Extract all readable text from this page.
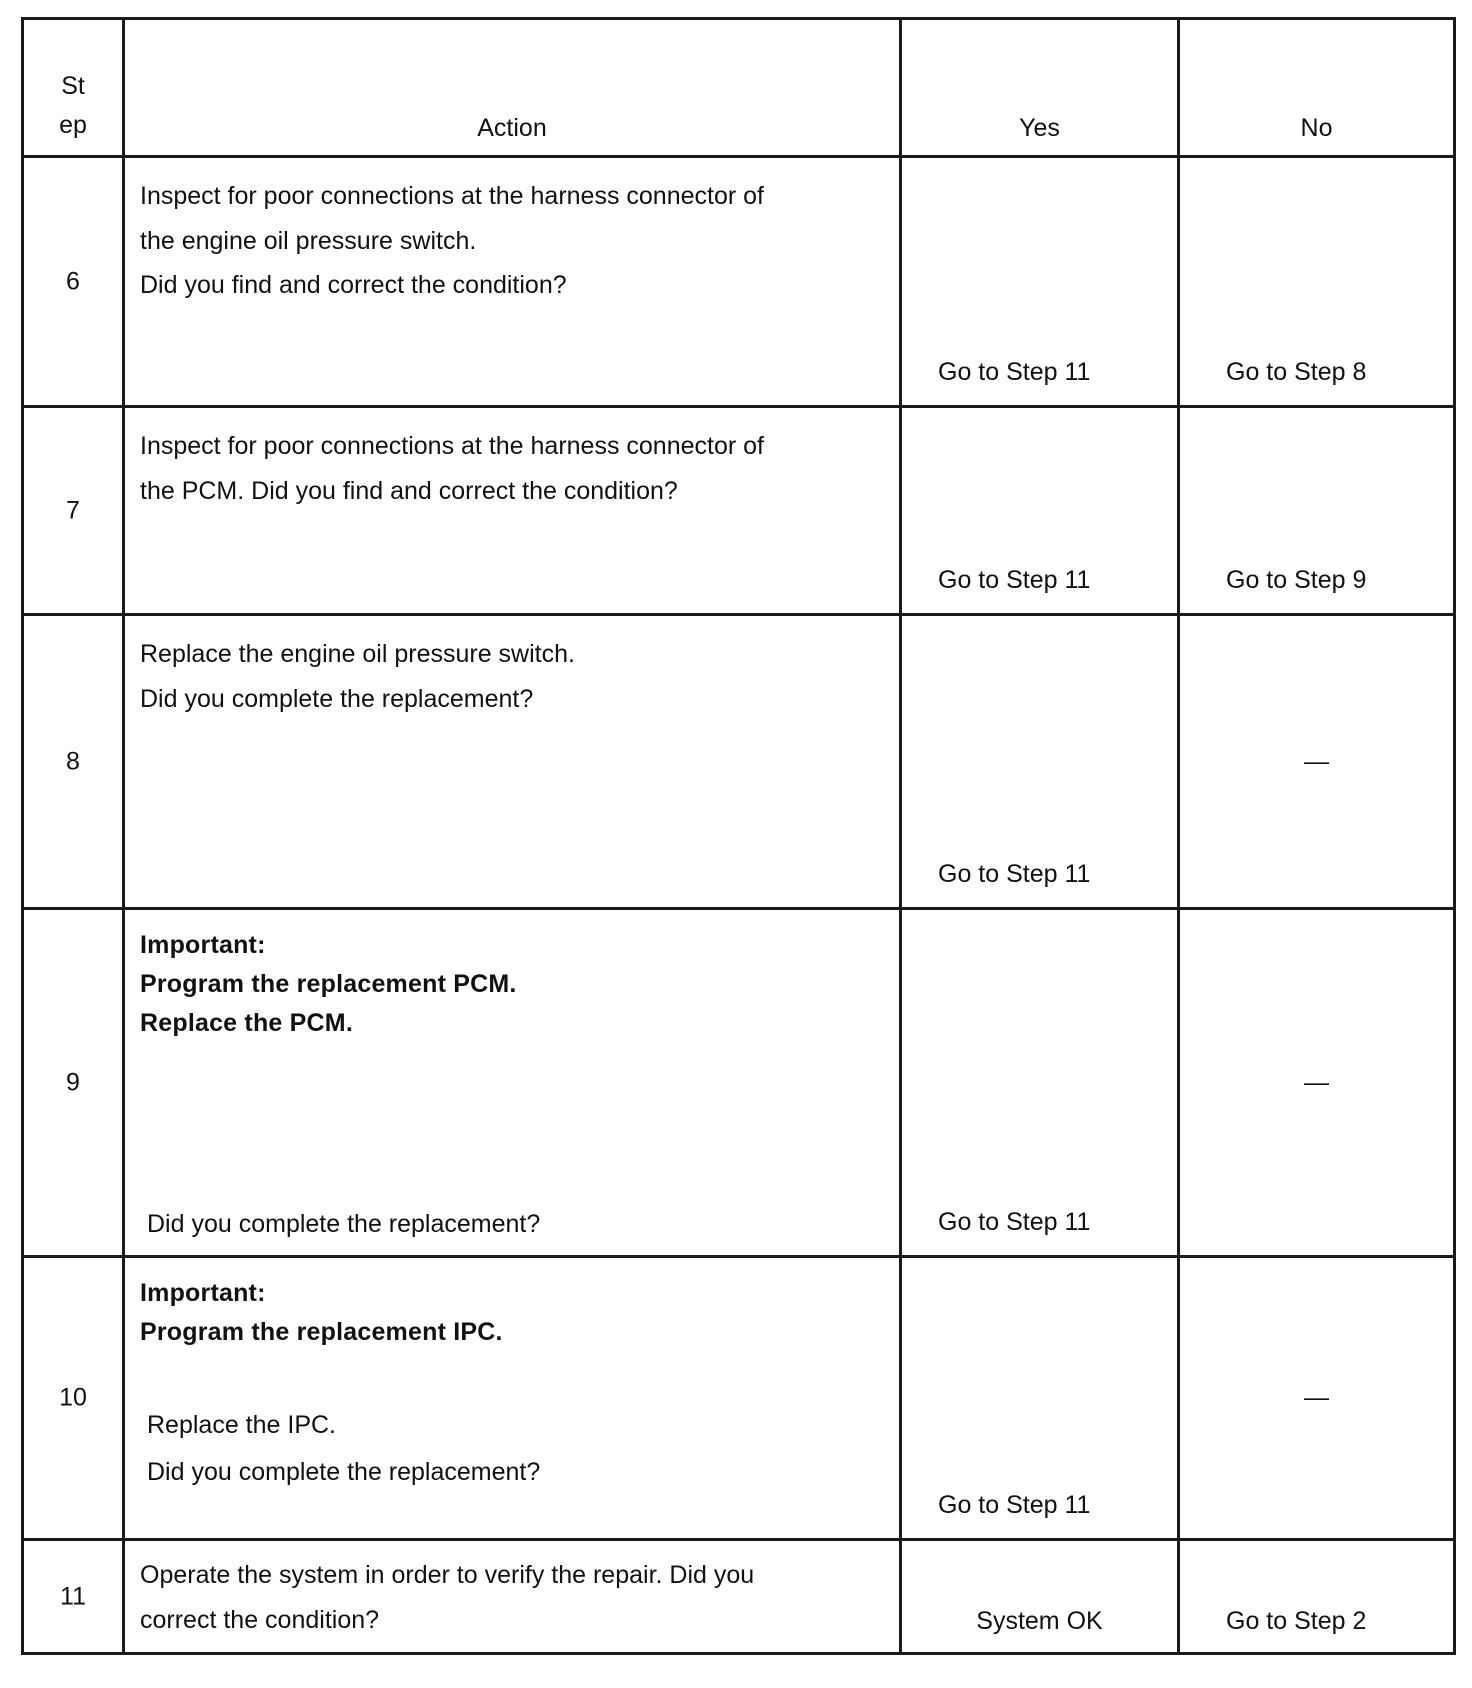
St
ep	Action	Yes	No

6	Inspect for poor connections at the harness connector of
the engine oil pressure switch.
Did you find and correct the condition?	Go to Step 11	Go to Step 8

7	Inspect for poor connections at the harness connector of
the PCM. Did you find and correct the condition?	Go to Step 11	Go to Step 9

8	Replace the engine oil pressure switch.
Did you complete the replacement?	Go to Step 11	—

9	Important:
Program the replacement PCM.
Replace the PCM.
Did you complete the replacement?	Go to Step 11	—

10	Important:
Program the replacement IPC.
Replace the IPC.
Did you complete the replacement?	Go to Step 11	—

11	Operate the system in order to verify the repair. Did you
correct the condition?	System OK	Go to Step 2
